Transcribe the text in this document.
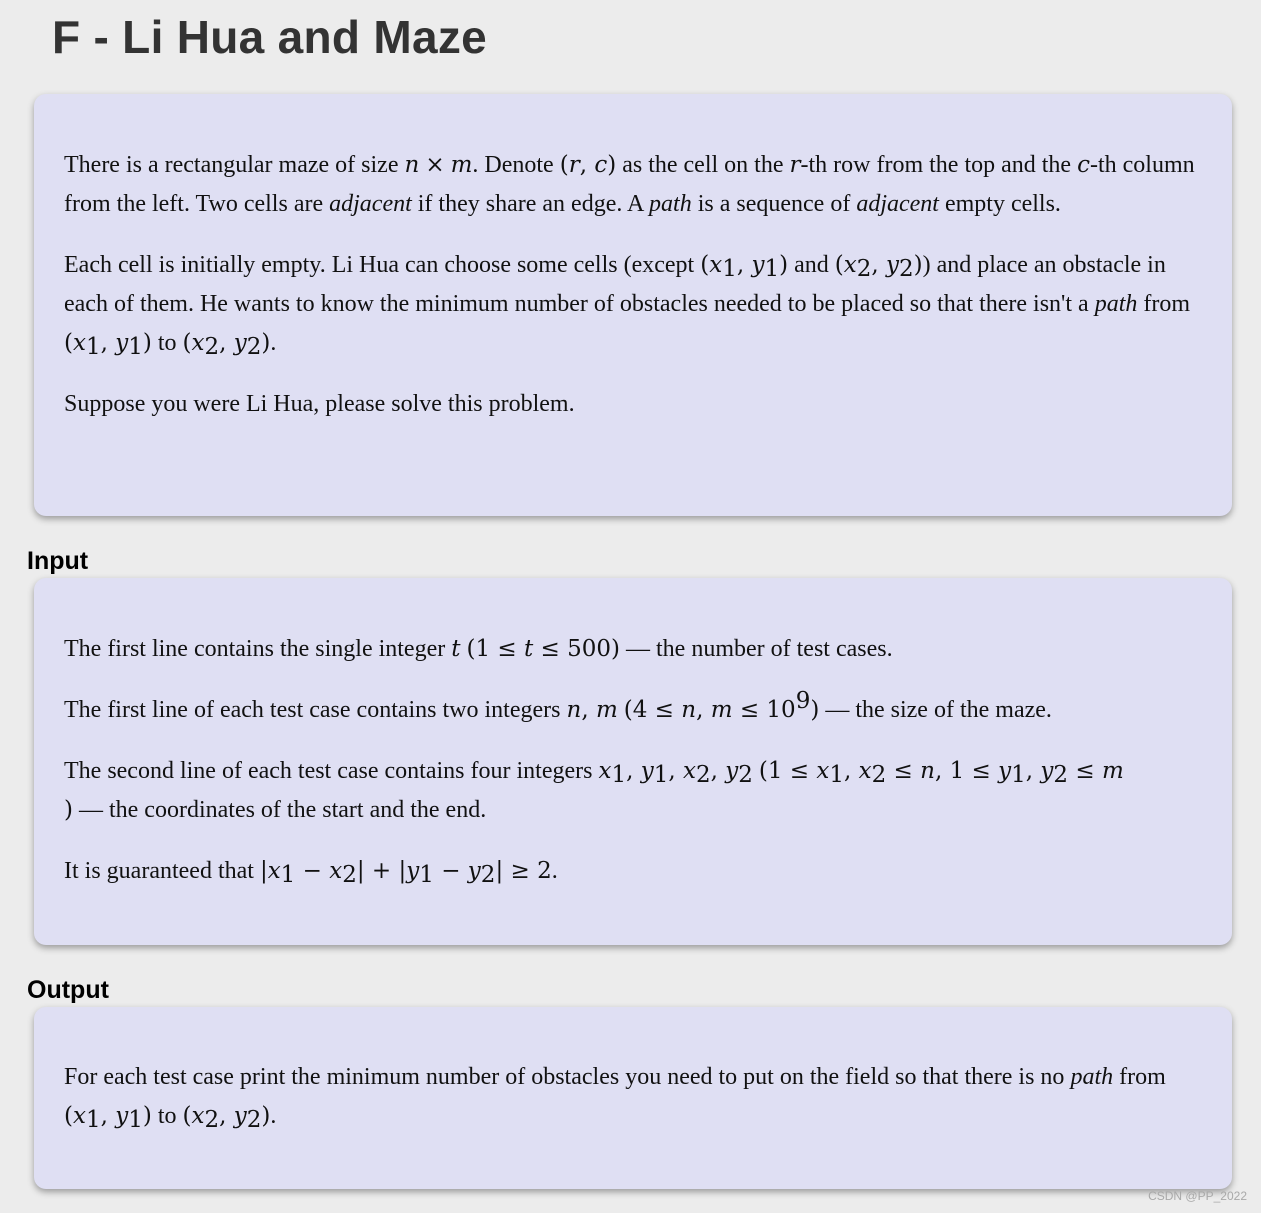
F - Li Hua and Maze

There is a rectangular maze of size n × m. Denote (r, c) as the cell on the r-th row from the top and the c-th column from the left. Two cells are adjacent if they share an edge. A path is a sequence of adjacent empty cells.

Each cell is initially empty. Li Hua can choose some cells (except ($x_1$, $y_1$) and ($x_2$, $y_2$)) and place an obstacle in each of them. He wants to know the minimum number of obstacles needed to be placed so that there isn't a path from ($x_1$, $y_1$) to ($x_2$, $y_2$).

Suppose you were Li Hua, please solve this problem.

Input

The first line contains the single integer t (1 ≤ t ≤ 500) — the number of test cases.

The first line of each test case contains two integers n, m (4 ≤ n, $m \le 10^9$) — the size of the maze.

The second line of each test case contains four integers $x_1$, $y_1$, $x_2$, $y_2$ ($1 \le x_1$, $x_2 \le n$, $1 \le y_1$, $y_2 \le m$
) — the coordinates of the start and the end.

It is guaranteed that $|x_1 - x_2| + |y_1 - y_2| \ge 2$.

Output

For each test case print the minimum number of obstacles you need to put on the field so that there is no path from ($x_1$, $y_1$) to ($x_2$, $y_2$).

CSDN @PP_2022
